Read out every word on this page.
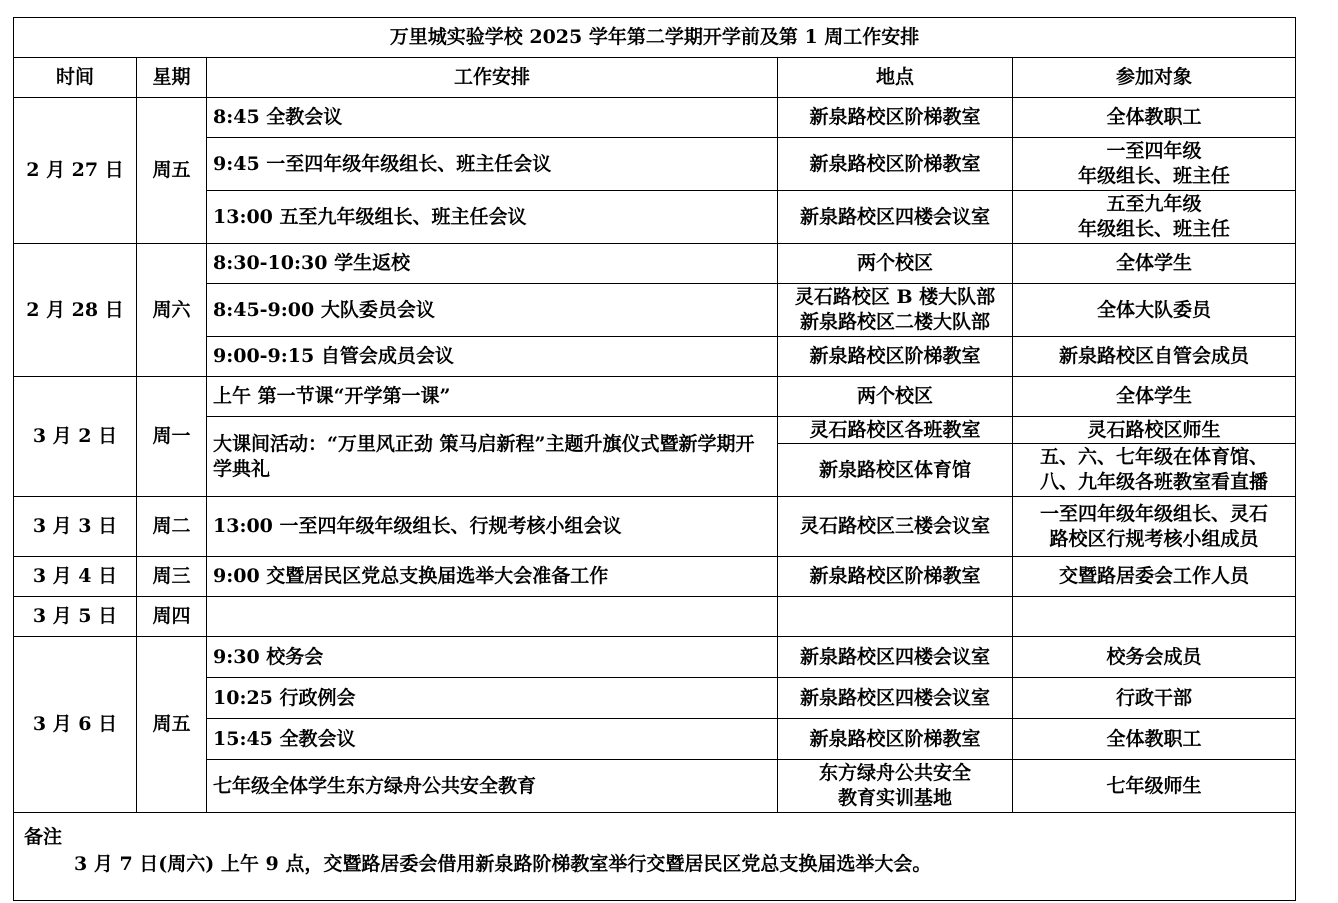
万里城实验学校 2025 学年第二学期开学前及第 1 周工作安排				
时间	星期	工作安排	地点	参加对象
2 月 27 日	周五	8:45 全教会议	新泉路校区阶梯教室	全体教职工

		9:45 一至四年级年级组长、班主任会议	新泉路校区阶梯教室	一至四年级
年级组长、班主任

		13:00 五至九年级组长、班主任会议	新泉路校区四楼会议室	五至九年级
年级组长、班主任

2 月 28 日	周六	8:30-10:30 学生返校	两个校区	全体学生

		8:45-9:00 大队委员会议	灵石路校区 B 楼大队部
新泉路校区二楼大队部	全体大队委员

		9:00-9:15 自管会成员会议	新泉路校区阶梯教室	新泉路校区自管会成员

3 月 2 日	周一	上午 第一节课“开学第一课”	两个校区	全体学生

		大课间活动：“万里风正劲 策马启新程”主题升旗仪式暨新学期开学典礼	灵石路校区各班教室	灵石路校区师生

			新泉路校区体育馆	五、六、七年级在体育馆、
八、九年级各班教室看直播

3 月 3 日	周二	13:00 一至四年级年级组长、行规考核小组会议	灵石路校区三楼会议室	一至四年级年级组长、灵石
路校区行规考核小组成员

3 月 4 日	周三	9:00 交暨居民区党总支换届选举大会准备工作	新泉路校区阶梯教室	交暨路居委会工作人员

3 月 5 日	周四		

3 月 6 日	周五	9:30 校务会	新泉路校区四楼会议室	校务会成员

		10:25 行政例会	新泉路校区四楼会议室	行政干部

		15:45 全教会议	新泉路校区阶梯教室	全体教职工

		七年级全体学生东方绿舟公共安全教育	东方绿舟公共安全
教育实训基地	七年级师生

备注
3 月 7 日(周六) 上午 9 点，交暨路居委会借用新泉路阶梯教室举行交暨居民区党总支换届选举大会。				
